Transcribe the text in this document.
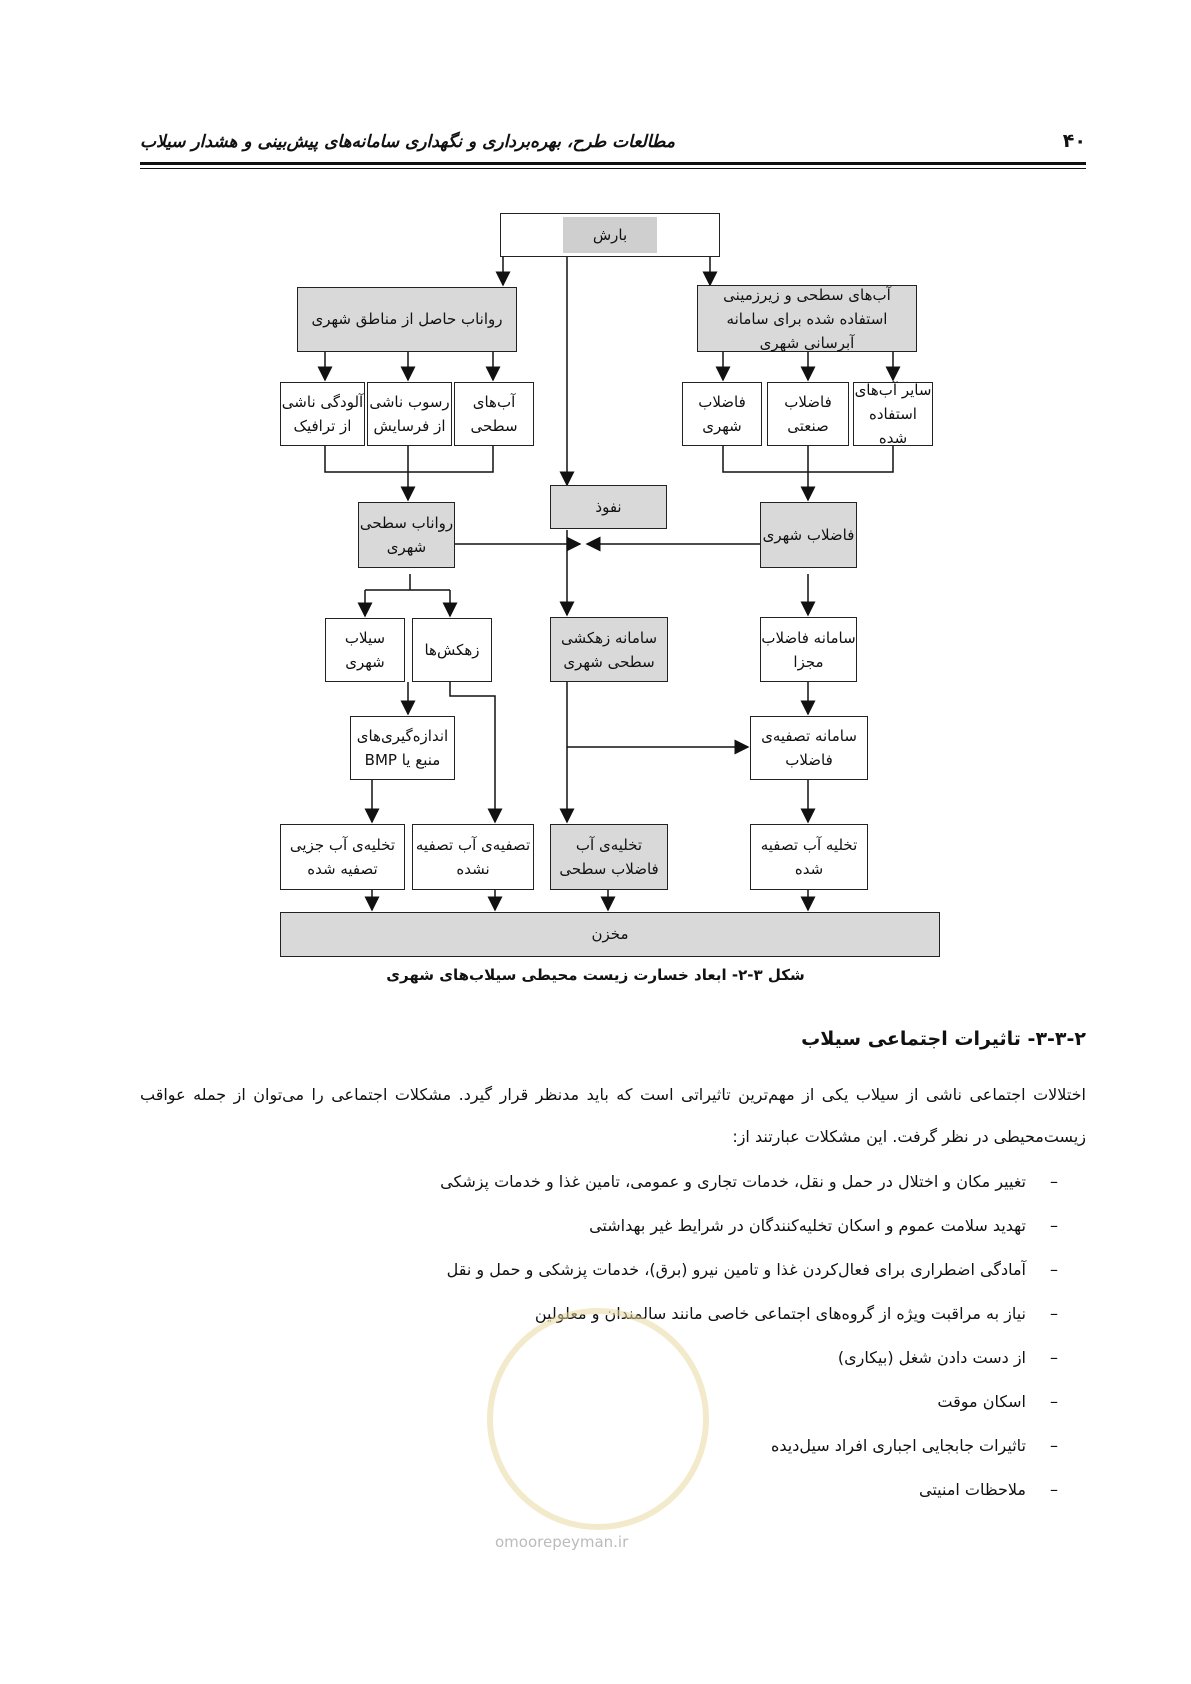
مطالعات طرح، بهره‌برداری و نگهداری سامانه‌های پیش‌بینی و هشدار سیلاب	۴۰
بارش
رواناب حاصل از مناطق شهری
آب‌های سطحی و زیرزمینی استفاده شده برای سامانه آبرسانی شهری
آلودگی ناشی از ترافیک
رسوب ناشی از فرسایش
آب‌های سطحی
فاضلاب شهری
فاضلاب صنعتی
سایر آب‌های استفاده شده
نفوذ
رواناب سطحی شهری
فاضلاب شهری
سیلاب شهری
زهکش‌ها
سامانه زهکشی سطحی شهری
سامانه فاضلاب مجزا
اندازه‌گیری‌های منبع یا BMP
سامانه تصفیه‌ی فاضلاب
تخلیه‌ی آب جزیی تصفیه شده
تصفیه‌ی آب تصفیه نشده
تخلیه‌ی آب فاضلاب سطحی
تخلیه آب تصفیه شده
مخزن
شکل ۳-۲- ابعاد خسارت زیست محیطی سیلاب‌های شهری
۳-۳-۲- تاثیرات اجتماعی سیلاب
اختلالات اجتماعی ناشی از سیلاب یکی از مهم‌ترین تاثیراتی است که باید مدنظر قرار گیرد. مشکلات اجتماعی را می‌توان از جمله عواقب زیست‌محیطی در نظر گرفت. این مشکلات عبارتند از:
–
تغییر مکان و اختلال در حمل و نقل، خدمات تجاری و عمومی، تامین غذا و خدمات پزشکی
–
تهدید سلامت عموم و اسکان تخلیه‌کنندگان در شرایط غیر بهداشتی
–
آمادگی اضطراری برای فعال‌کردن غذا و تامین نیرو (برق)، خدمات پزشکی و حمل و نقل
–
نیاز به مراقبت ویژه از گروه‌های اجتماعی خاصی مانند سالمندان و معلولین
–
از دست دادن شغل (بیکاری)
–
اسکان موقت
–
تاثیرات جابجایی اجباری افراد سیل‌دیده
–
ملاحظات امنیتی
omoorepeyman.ir
